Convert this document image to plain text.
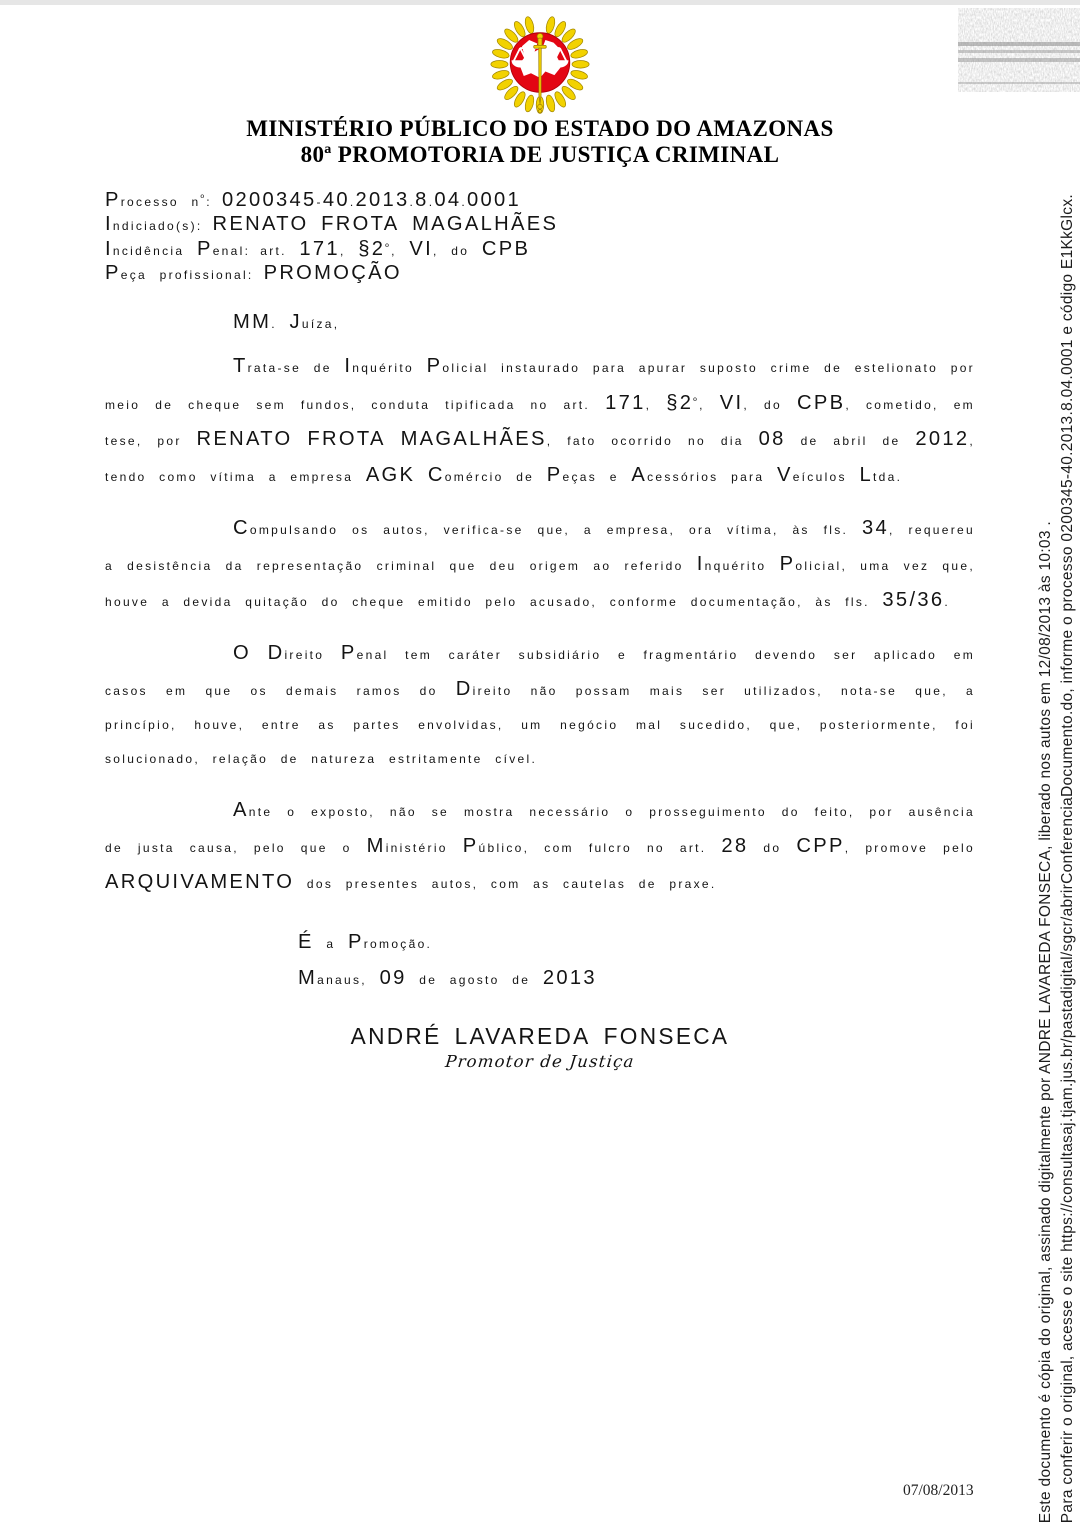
MINISTÉRIO PÚBLICO DO ESTADO DO AMAZONAS
80ª PROMOTORIA DE JUSTIÇA CRIMINAL
Processo $n^º$: 0200345-40.2013.8.04.0001
Indiciado(s): RENATO FROTA MAGALHÃES
Incidência Penal: art. 171, $\S 2^º$, VI, do CPB
Peça profissional: PROMOÇÃO
MM. Juíza,

Trata-se de Inquérito Policial instaurado para apurar suposto crime de estelionato por meio de cheque sem fundos, conduta tipificada no art. 171, $\S 2^º$, VI, do CPB, cometido, em tese, por RENATO FROTA MAGALHÃES, fato ocorrido no dia 08 de abril de 2012, tendo como vítima a empresa AGK Comércio de Peças e Acessórios para Veículos Ltda.

Compulsando os autos, verifica-se que, a empresa, ora vítima, às fls. 34, requereu a desistência da representação criminal que deu origem ao referido Inquérito Policial, uma vez que, houve a devida quitação do cheque emitido pelo acusado, conforme documentação, às fls. 35/36.

O Direito Penal tem caráter subsidiário e fragmentário devendo ser aplicado em casos em que os demais ramos do Direito não possam mais ser utilizados, nota-se que, a princípio, houve, entre as partes envolvidas, um negócio mal sucedido, que, posteriormente, foi solucionado, relação de natureza estritamente cível.

Ante o exposto, não se mostra necessário o prosseguimento do feito, por ausência de justa causa, pelo que o Ministério Público, com fulcro no art. 28 do CPP, promove pelo ARQUIVAMENTO dos presentes autos, com as cautelas de praxe.

É a Promoção.
Manaus, 09 de agosto de 2013
ANDRÉ LAVAREDA FONSECA
Promotor de Justiça
07/08/2013	Este documento é cópia do original, assinado digitalmente por ANDRE LAVAREDA FONSECA, liberado nos autos em 12/08/2013 às 10:03 . Para conferir o original, acesse o site https://consultasaj.tjam.jus.br/pastadigital/sgcr/abrirConferenciaDocumento.do, informe o processo 0200345-40.2013.8.04.0001 e código E1KkGlcx.
